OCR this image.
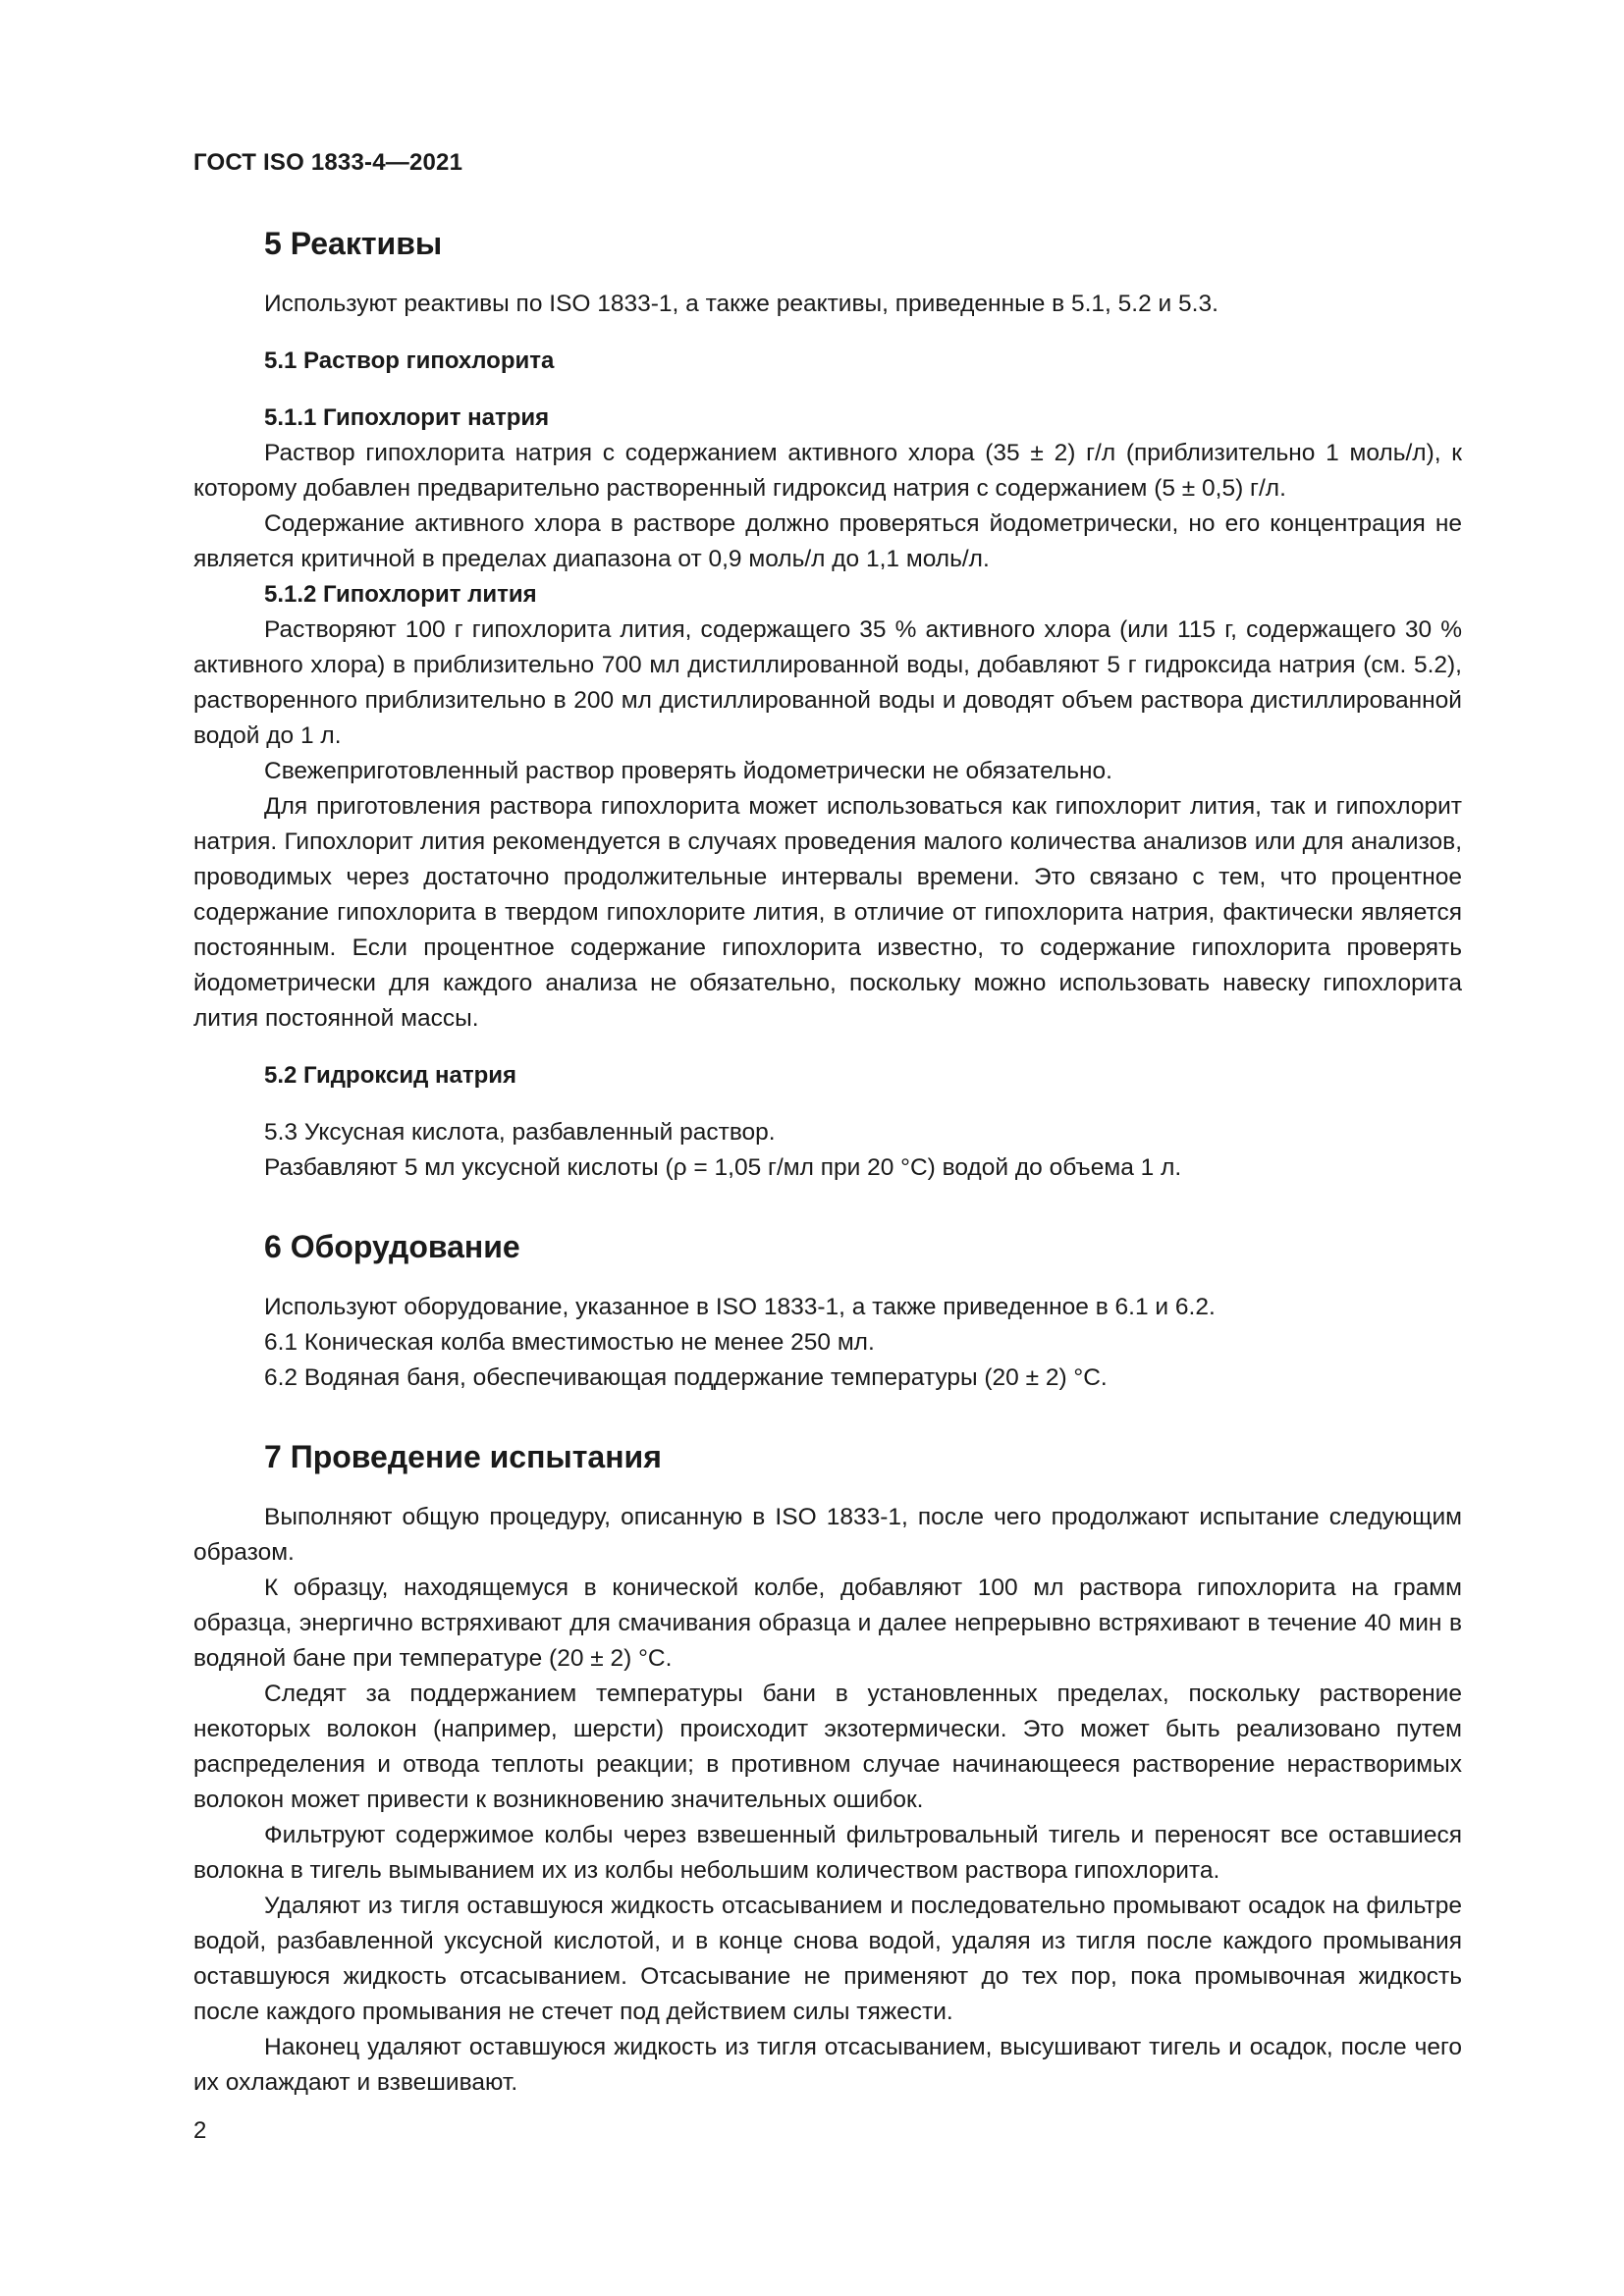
ГОСТ ISO 1833-4—2021
5 Реактивы

Используют реактивы по ISO 1833-1, а также реактивы, приведенные в 5.1, 5.2 и 5.3.

5.1 Раствор гипохлорита
5.1.1 Гипохлорит натрия

Раствор гипохлорита натрия с содержанием активного хлора (35 ± 2) г/л (приблизительно 1 моль/л), к которому добавлен предварительно растворенный гидроксид натрия с содержанием (5 ± 0,5) г/л.

Содержание активного хлора в растворе должно проверяться йодометрически, но его концентрация не является критичной в пределах диапазона от 0,9 моль/л до 1,1 моль/л.

5.1.2 Гипохлорит лития

Растворяют 100 г гипохлорита лития, содержащего 35 % активного хлора (или 115 г, содержащего 30 % активного хлора) в приблизительно 700 мл дистиллированной воды, добавляют 5 г гидроксида натрия (см. 5.2), растворенного приблизительно в 200 мл дистиллированной воды и доводят объем раствора дистиллированной водой до 1 л.

Свежеприготовленный раствор проверять йодометрически не обязательно.

Для приготовления раствора гипохлорита может использоваться как гипохлорит лития, так и гипохлорит натрия. Гипохлорит лития рекомендуется в случаях проведения малого количества анализов или для анализов, проводимых через достаточно продолжительные интервалы времени. Это связано с тем, что процентное содержание гипохлорита в твердом гипохлорите лития, в отличие от гипохлорита натрия, фактически является постоянным. Если процентное содержание гипохлорита известно, то содержание гипохлорита проверять йодометрически для каждого анализа не обязательно, поскольку можно использовать навеску гипохлорита лития постоянной массы.

5.2 Гидроксид натрия

5.3 Уксусная кислота, разбавленный раствор.

Разбавляют 5 мл уксусной кислоты (ρ = 1,05 г/мл при 20 °С) водой до объема 1 л.

6 Оборудование

Используют оборудование, указанное в ISO 1833-1, а также приведенное в 6.1 и 6.2.

6.1 Коническая колба вместимостью не менее 250 мл.

6.2 Водяная баня, обеспечивающая поддержание температуры (20 ± 2) °С.

7 Проведение испытания

Выполняют общую процедуру, описанную в ISO 1833-1, после чего продолжают испытание следующим образом.

К образцу, находящемуся в конической колбе, добавляют 100 мл раствора гипохлорита на грамм образца, энергично встряхивают для смачивания образца и далее непрерывно встряхивают в течение 40 мин в водяной бане при температуре (20 ± 2) °С.

Следят за поддержанием температуры бани в установленных пределах, поскольку растворение некоторых волокон (например, шерсти) происходит экзотермически. Это может быть реализовано путем распределения и отвода теплоты реакции; в противном случае начинающееся растворение нерастворимых волокон может привести к возникновению значительных ошибок.

Фильтруют содержимое колбы через взвешенный фильтровальный тигель и переносят все оставшиеся волокна в тигель вымыванием их из колбы небольшим количеством раствора гипохлорита.

Удаляют из тигля оставшуюся жидкость отсасыванием и последовательно промывают осадок на фильтре водой, разбавленной уксусной кислотой, и в конце снова водой, удаляя из тигля после каждого промывания оставшуюся жидкость отсасыванием. Отсасывание не применяют до тех пор, пока промывочная жидкость после каждого промывания не стечет под действием силы тяжести.

Наконец удаляют оставшуюся жидкость из тигля отсасыванием, высушивают тигель и осадок, после чего их охлаждают и взвешивают.

2
